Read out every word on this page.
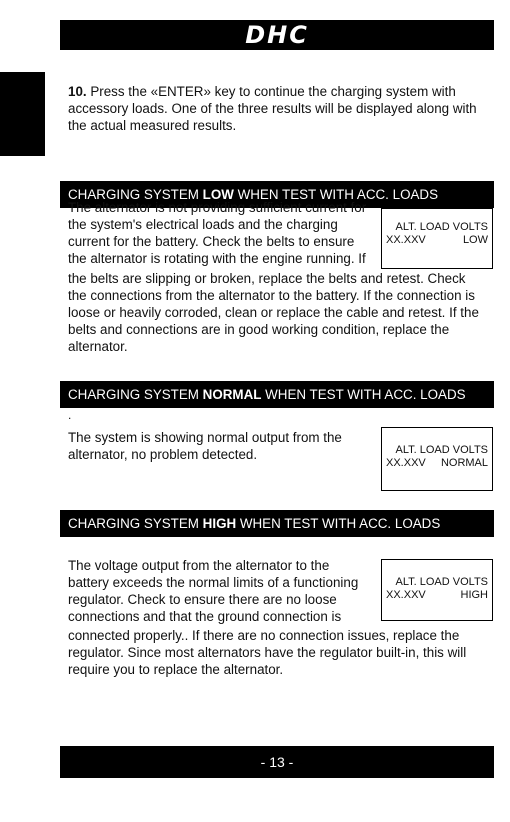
DHC

10. Press the «ENTER» key to continue the charging system with accessory loads. One of the three results will be displayed along with the actual measured results.

CHARGING SYSTEM LOW WHEN TEST WITH ACC. LOADS

The alternator is not providing sufficient current for
the system's electrical loads and the charging
current for the battery. Check the belts to ensure
the alternator is rotating with the engine running. If

the belts are slipping or broken, replace the belts and retest. Check
the connections from the alternator to the battery. If the connection is
loose or heavily corroded, clean or replace the cable and retest. If the
belts and connections are in good working condition, replace the
alternator.

ALT. LOAD VOLTS
XX.XXV	LOW
CHARGING SYSTEM NORMAL WHEN TEST WITH ACC. LOADS
.

The system is showing normal output from the
alternator, no problem detected.	ALT. LOAD VOLTS
XX.XXV NORMAL
CHARGING SYSTEM HIGH WHEN TEST WITH ACC. LOADS

The voltage output from the alternator to the
battery exceeds the normal limits of a functioning
regulator. Check to ensure there are no loose
connections and that the ground connection is

connected properly.. If there are no connection issues, replace the
regulator. Since most alternators have the regulator built-in, this will
require you to replace the alternator.

ALT. LOAD VOLTS
XX.XXV	HIGH
- 13 -
